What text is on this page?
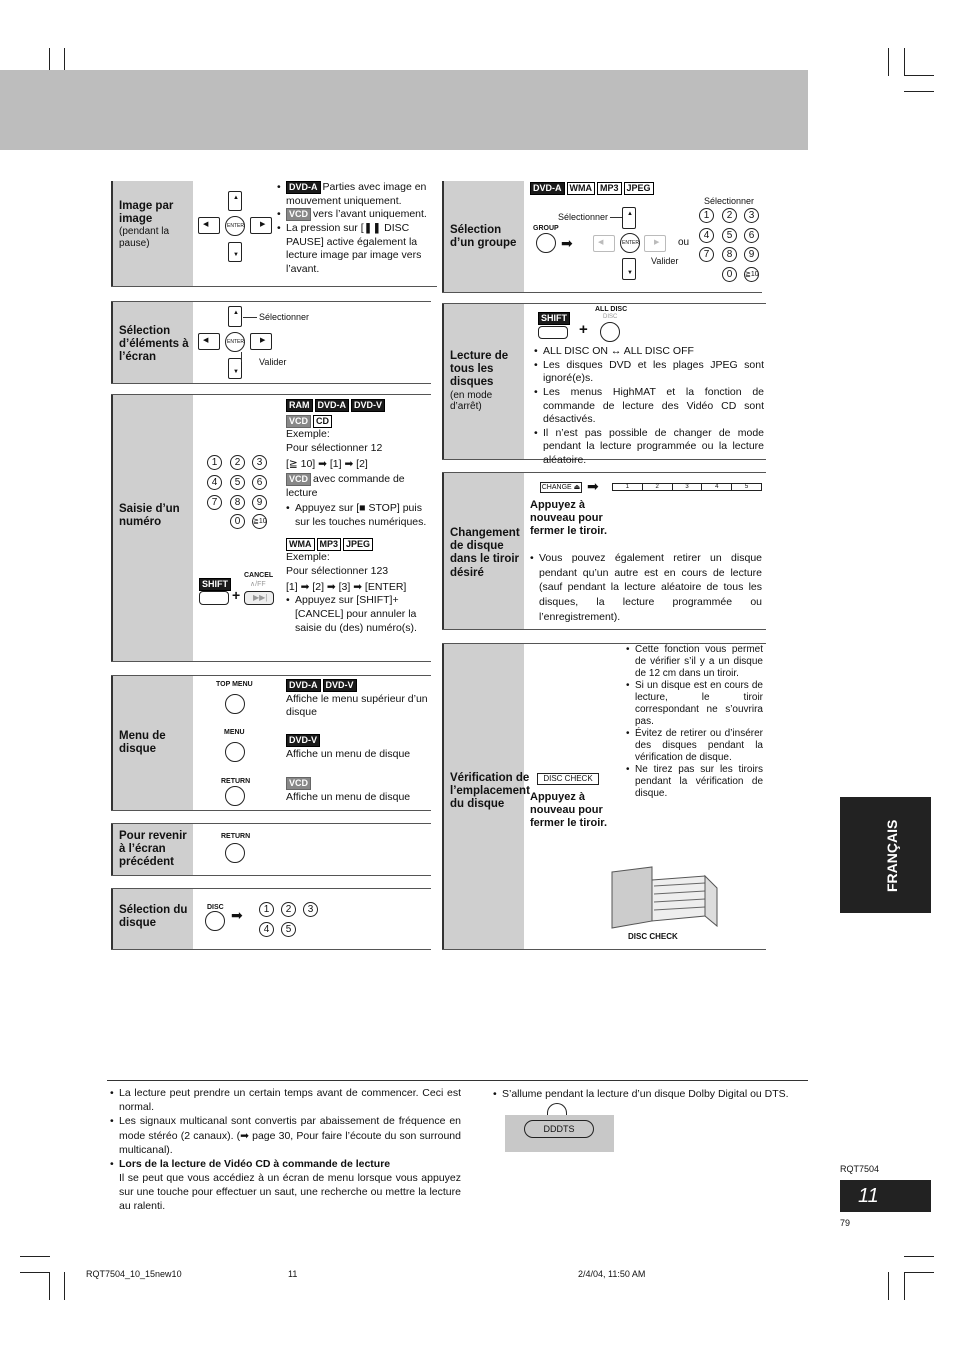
Image par image
(pendant la pause)
▲
◀	ENTER ▶
▼
• DVD-A Parties avec image en mouvement uniquement.
• VCD vers l’avant uniquement.
• La pression sur [❚❚ DISC PAUSE] active également la lecture image par image vers l’avant.
Sélection d’éléments à l’écran
▲
◀	ENTER ▶
▼
Sélectionner
Valider
Saisie d’un numéro
1	2	3
4	5	6
7	8	9
0	≧10
SHIFT
+
CANCEL
∧/FF
▶▶|
RAM DVD-A DVD-V
VCD CD
Exemple:
Pour sélectionner 12
[≧ 10] ➡ [1] ➡ [2]
VCD avec commande de lecture
• Appuyez sur [■ STOP] puis sur les touches numériques.
WMA MP3 JPEG
Exemple:
Pour sélectionner 123
[1] ➡ [2] ➡ [3] ➡ [ENTER]
• Appuyez sur [SHIFT]+[CANCEL] pour annuler la saisie du (des) numéro(s).
Menu de disque
TOP MENU
MENU
RETURN
DVD-A DVD-V
Affiche le menu supérieur d’un disque
DVD-V
Affiche un menu de disque
VCD
Affiche un menu de disque
Pour revenir à l’écran précédent
RETURN
Sélection du disque
DISC ➡	1	2	3
4	5
Sélection d’un groupe
DVD-A WMA MP3 JPEG
Sélectionner
GROUP
➡
▲
◀	ENTER ▶
▼
Valider
ou
Sélectionner
1	2	3
4	5	6
7	8	9
0	≧10
Lecture de tous les disques
(en mode d’arrêt)
SHIFT
+
ALL DISC
DISC
• ALL DISC ON ↔ ALL DISC OFF
• Les disques DVD et les plages JPEG sont ignoré(e)s.
• Les menus HighMAT et la fonction de commande de lecture des Vidéo CD sont désactivés.
• Il n’est pas possible de changer de mode pendant la lecture programmée ou la lecture aléatoire.
Changement de disque dans le tiroir désiré
CHANGE ⏏ ➡	1	2	3	4	5
Appuyez à nouveau pour fermer le tiroir.
• Vous pouvez également retirer un disque pendant qu’un autre est en cours de lecture (sauf pendant la lecture aléatoire de tous les disques, la lecture programmée ou l’enregistrement).
Vérification de l’emplacement du disque
DISC CHECK
Appuyez à nouveau pour fermer le tiroir.
• Cette fonction vous permet de vérifier s’il y a un disque de 12 cm dans un tiroir.
• Si un disque est en cours de lecture, le tiroir correspondant ne s’ouvrira pas.
• Évitez de retirer ou d’insérer des disques pendant la vérification de disque.
• Ne tirez pas sur les tiroirs pendant la vérification de disque.
DISC CHECK
FRANÇAIS
• La lecture peut prendre un certain temps avant de commencer. Ceci est normal.
• Les signaux multicanal sont convertis par abaissement de fréquence en mode stéréo (2 canaux). (➡ page 30, Pour faire l’écoute du son surround multicanal).
• Lors de la lecture de Vidéo CD à commande de lecture
Il se peut que vous accédiez à un écran de menu lorsque vous appuyez sur une touche pour effectuer un saut, une recherche ou mettre la lecture au ralenti.
• S’allume pendant la lecture d’un disque Dolby Digital ou DTS.
DDDTS
RQT7504
11
79
RQT7504_10_15new10	11	2/4/04, 11:50 AM
